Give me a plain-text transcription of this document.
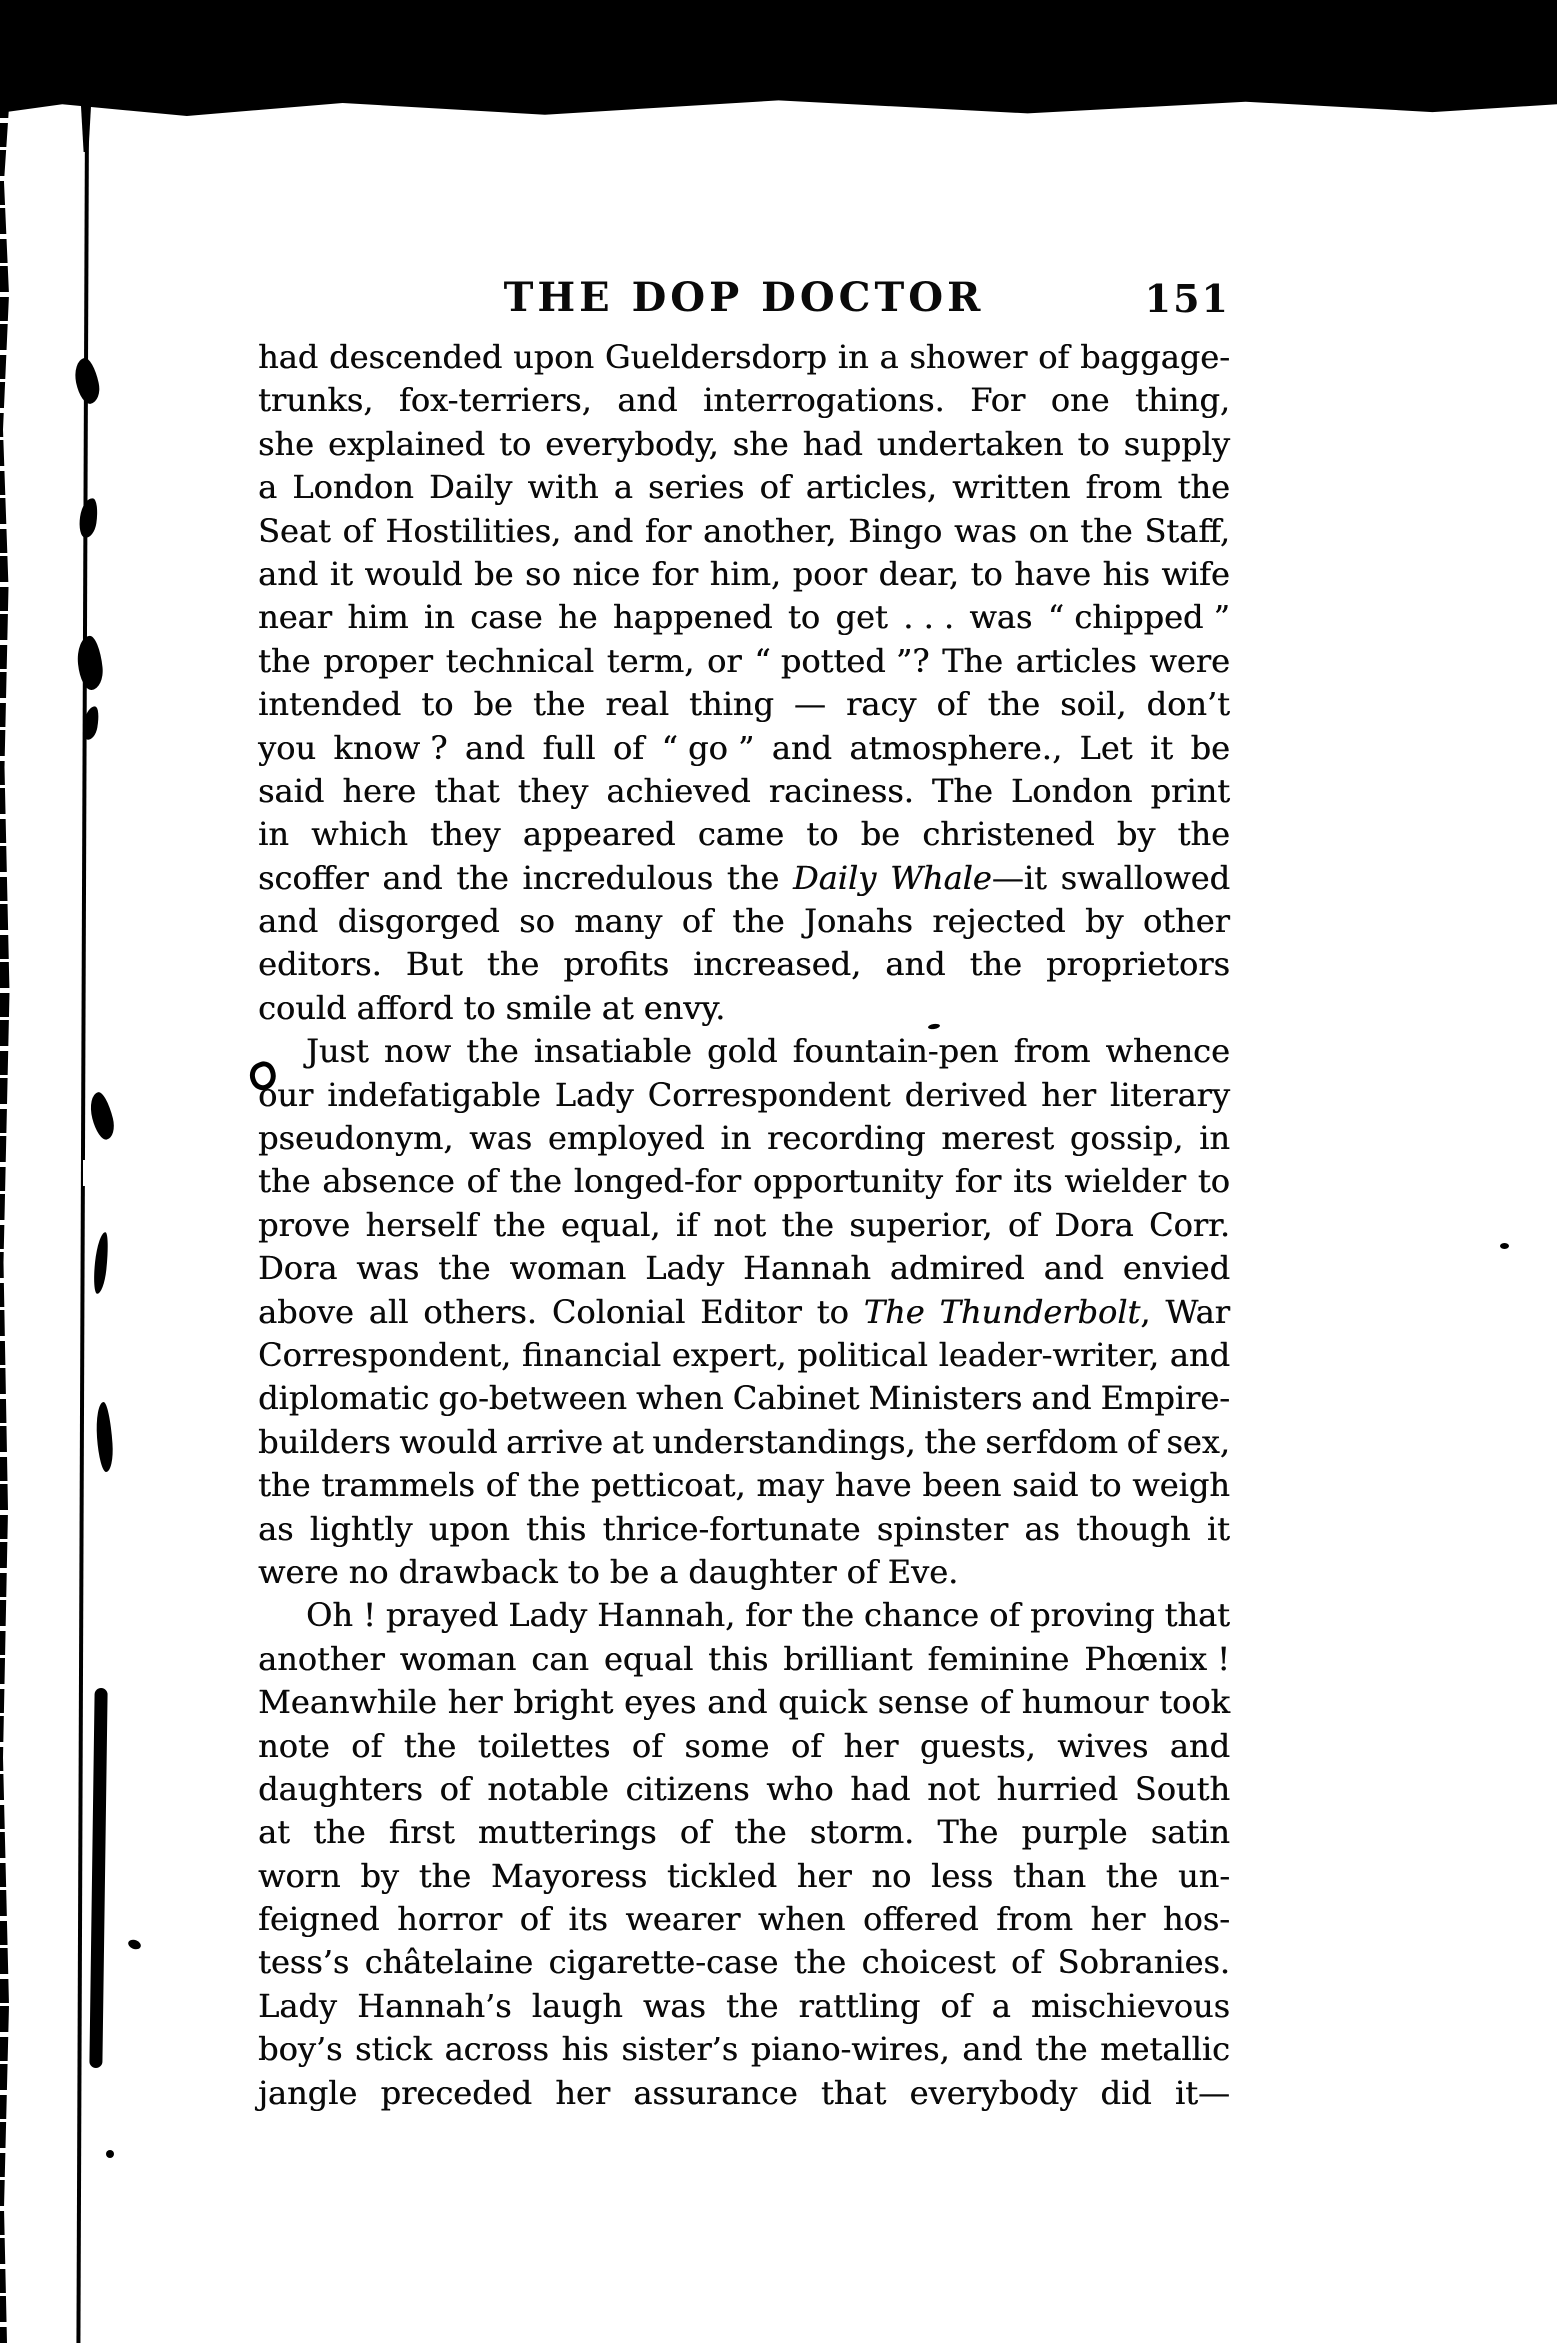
THE DOP DOCTOR	151
had descended upon Gueldersdorp in a shower of baggage-
trunks, fox-terriers, and interrogations. For one thing,
she explained to everybody, she had undertaken to supply
a London Daily with a series of articles, written from the
Seat of Hostilities, and for another, Bingo was on the Staff,
and it would be so nice for him, poor dear, to have his wife
near him in case he happened to get . . . was “ chipped ”
the proper technical term, or “ potted ”? The articles were
intended to be the real thing — racy of the soil, don’t
you know ? and full of “ go ” and atmosphere.‚ Let it be
said here that they achieved raciness. The London print
in which they appeared came to be christened by the
scoffer and the incredulous the Daily Whale—it swallowed
and disgorged so many of the Jonahs rejected by other
editors. But the profits increased, and the proprietors
could afford to smile at envy.
Just now the insatiable gold fountain-pen from whence
our indefatigable Lady Correspondent derived her literary
pseudonym, was employed in recording merest gossip, in
the absence of the longed-for opportunity for its wielder to
prove herself the equal, if not the superior, of Dora Corr.
Dora was the woman Lady Hannah admired and envied
above all others. Colonial Editor to The Thunderbolt, War
Correspondent, financial expert, political leader-writer, and
diplomatic go-between when Cabinet Ministers and Empire-
builders would arrive at understandings, the serfdom of sex,
the trammels of the petticoat, may have been said to weigh
as lightly upon this thrice-fortunate spinster as though it
were no drawback to be a daughter of Eve.
Oh ! prayed Lady Hannah, for the chance of proving that
another woman can equal this brilliant feminine Phœnix !
Meanwhile her bright eyes and quick sense of humour took
note of the toilettes of some of her guests, wives and
daughters of notable citizens who had not hurried South
at the first mutterings of the storm. The purple satin
worn by the Mayoress tickled her no less than the un-
feigned horror of its wearer when offered from her hos-
tess’s châtelaine cigarette-case the choicest of Sobranies.
Lady Hannah’s laugh was the rattling of a mischievous
boy’s stick across his sister’s piano-wires, and the metallic
jangle preceded her assurance that everybody did it—
